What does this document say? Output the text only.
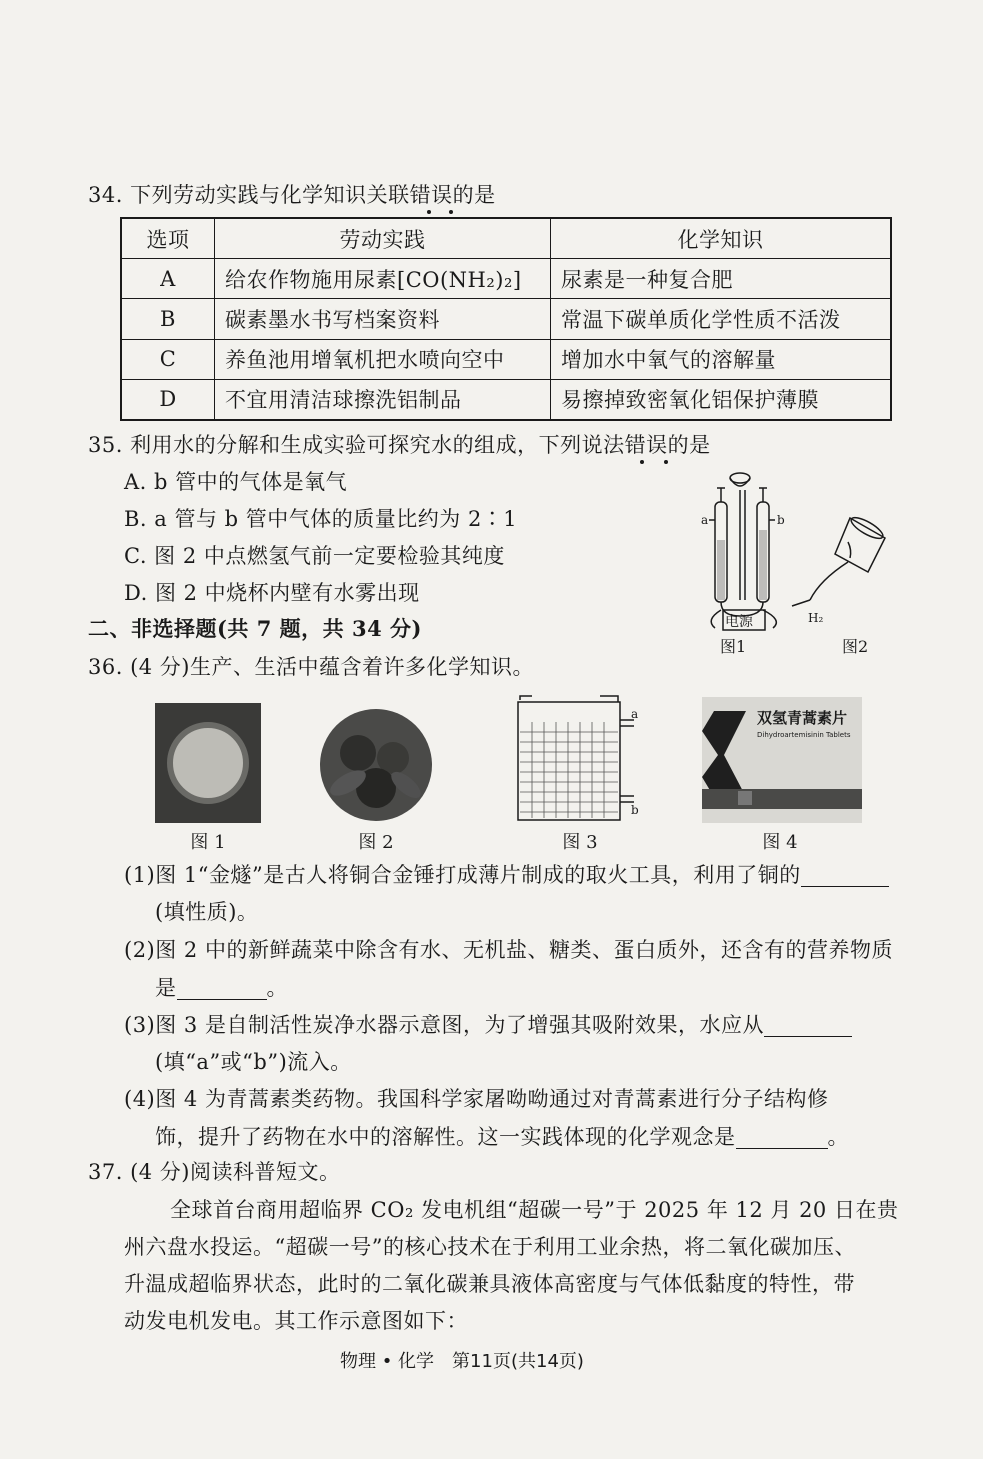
34. 下列劳动实践与化学知识关联错误的是
选项	劳动实践	化学知识
A	给农作物施用尿素[CO(NH₂)₂]	尿素是一种复合肥
B	碳素墨水书写档案资料	常温下碳单质化学性质不活泼
C	养鱼池用增氧机把水喷向空中	增加水中氧气的溶解量
D	不宜用清洁球擦洗铝制品	易擦掉致密氧化铝保护薄膜
35. 利用水的分解和生成实验可探究水的组成，下列说法错误的是
A. b 管中的气体是氧气
B. a 管与 b 管中气体的质量比约为 2∶1
C. 图 2 中点燃氢气前一定要检验其纯度
D. 图 2 中烧杯内壁有水雾出现
a	b
电源
图1
H₂
图2
二、非选择题(共 7 题，共 34 分)
36. (4 分)生产、生活中蕴含着许多化学知识。
图 1	图 2
a
b
图 3
双氢青蒿素片
Dihydroartemisinin Tablets
图 4
(1)图 1“金燧”是古人将铜合金锤打成薄片制成的取火工具，利用了铜的
(填性质)。
(2)图 2 中的新鲜蔬菜中除含有水、无机盐、糖类、蛋白质外，还含有的营养物质
是	。
(3)图 3 是自制活性炭净水器示意图，为了增强其吸附效果，水应从
(填“a”或“b”)流入。
(4)图 4 为青蒿素类药物。我国科学家屠呦呦通过对青蒿素进行分子结构修
饰，提升了药物在水中的溶解性。这一实践体现的化学观念是	。
37. (4 分)阅读科普短文。
全球首台商用超临界 CO₂ 发电机组“超碳一号”于 2025 年 12 月 20 日在贵
州六盘水投运。“超碳一号”的核心技术在于利用工业余热，将二氧化碳加压、
升温成超临界状态，此时的二氧化碳兼具液体高密度与气体低黏度的特性，带
动发电机发电。其工作示意图如下：
物理 • 化学　第11页(共14页)
